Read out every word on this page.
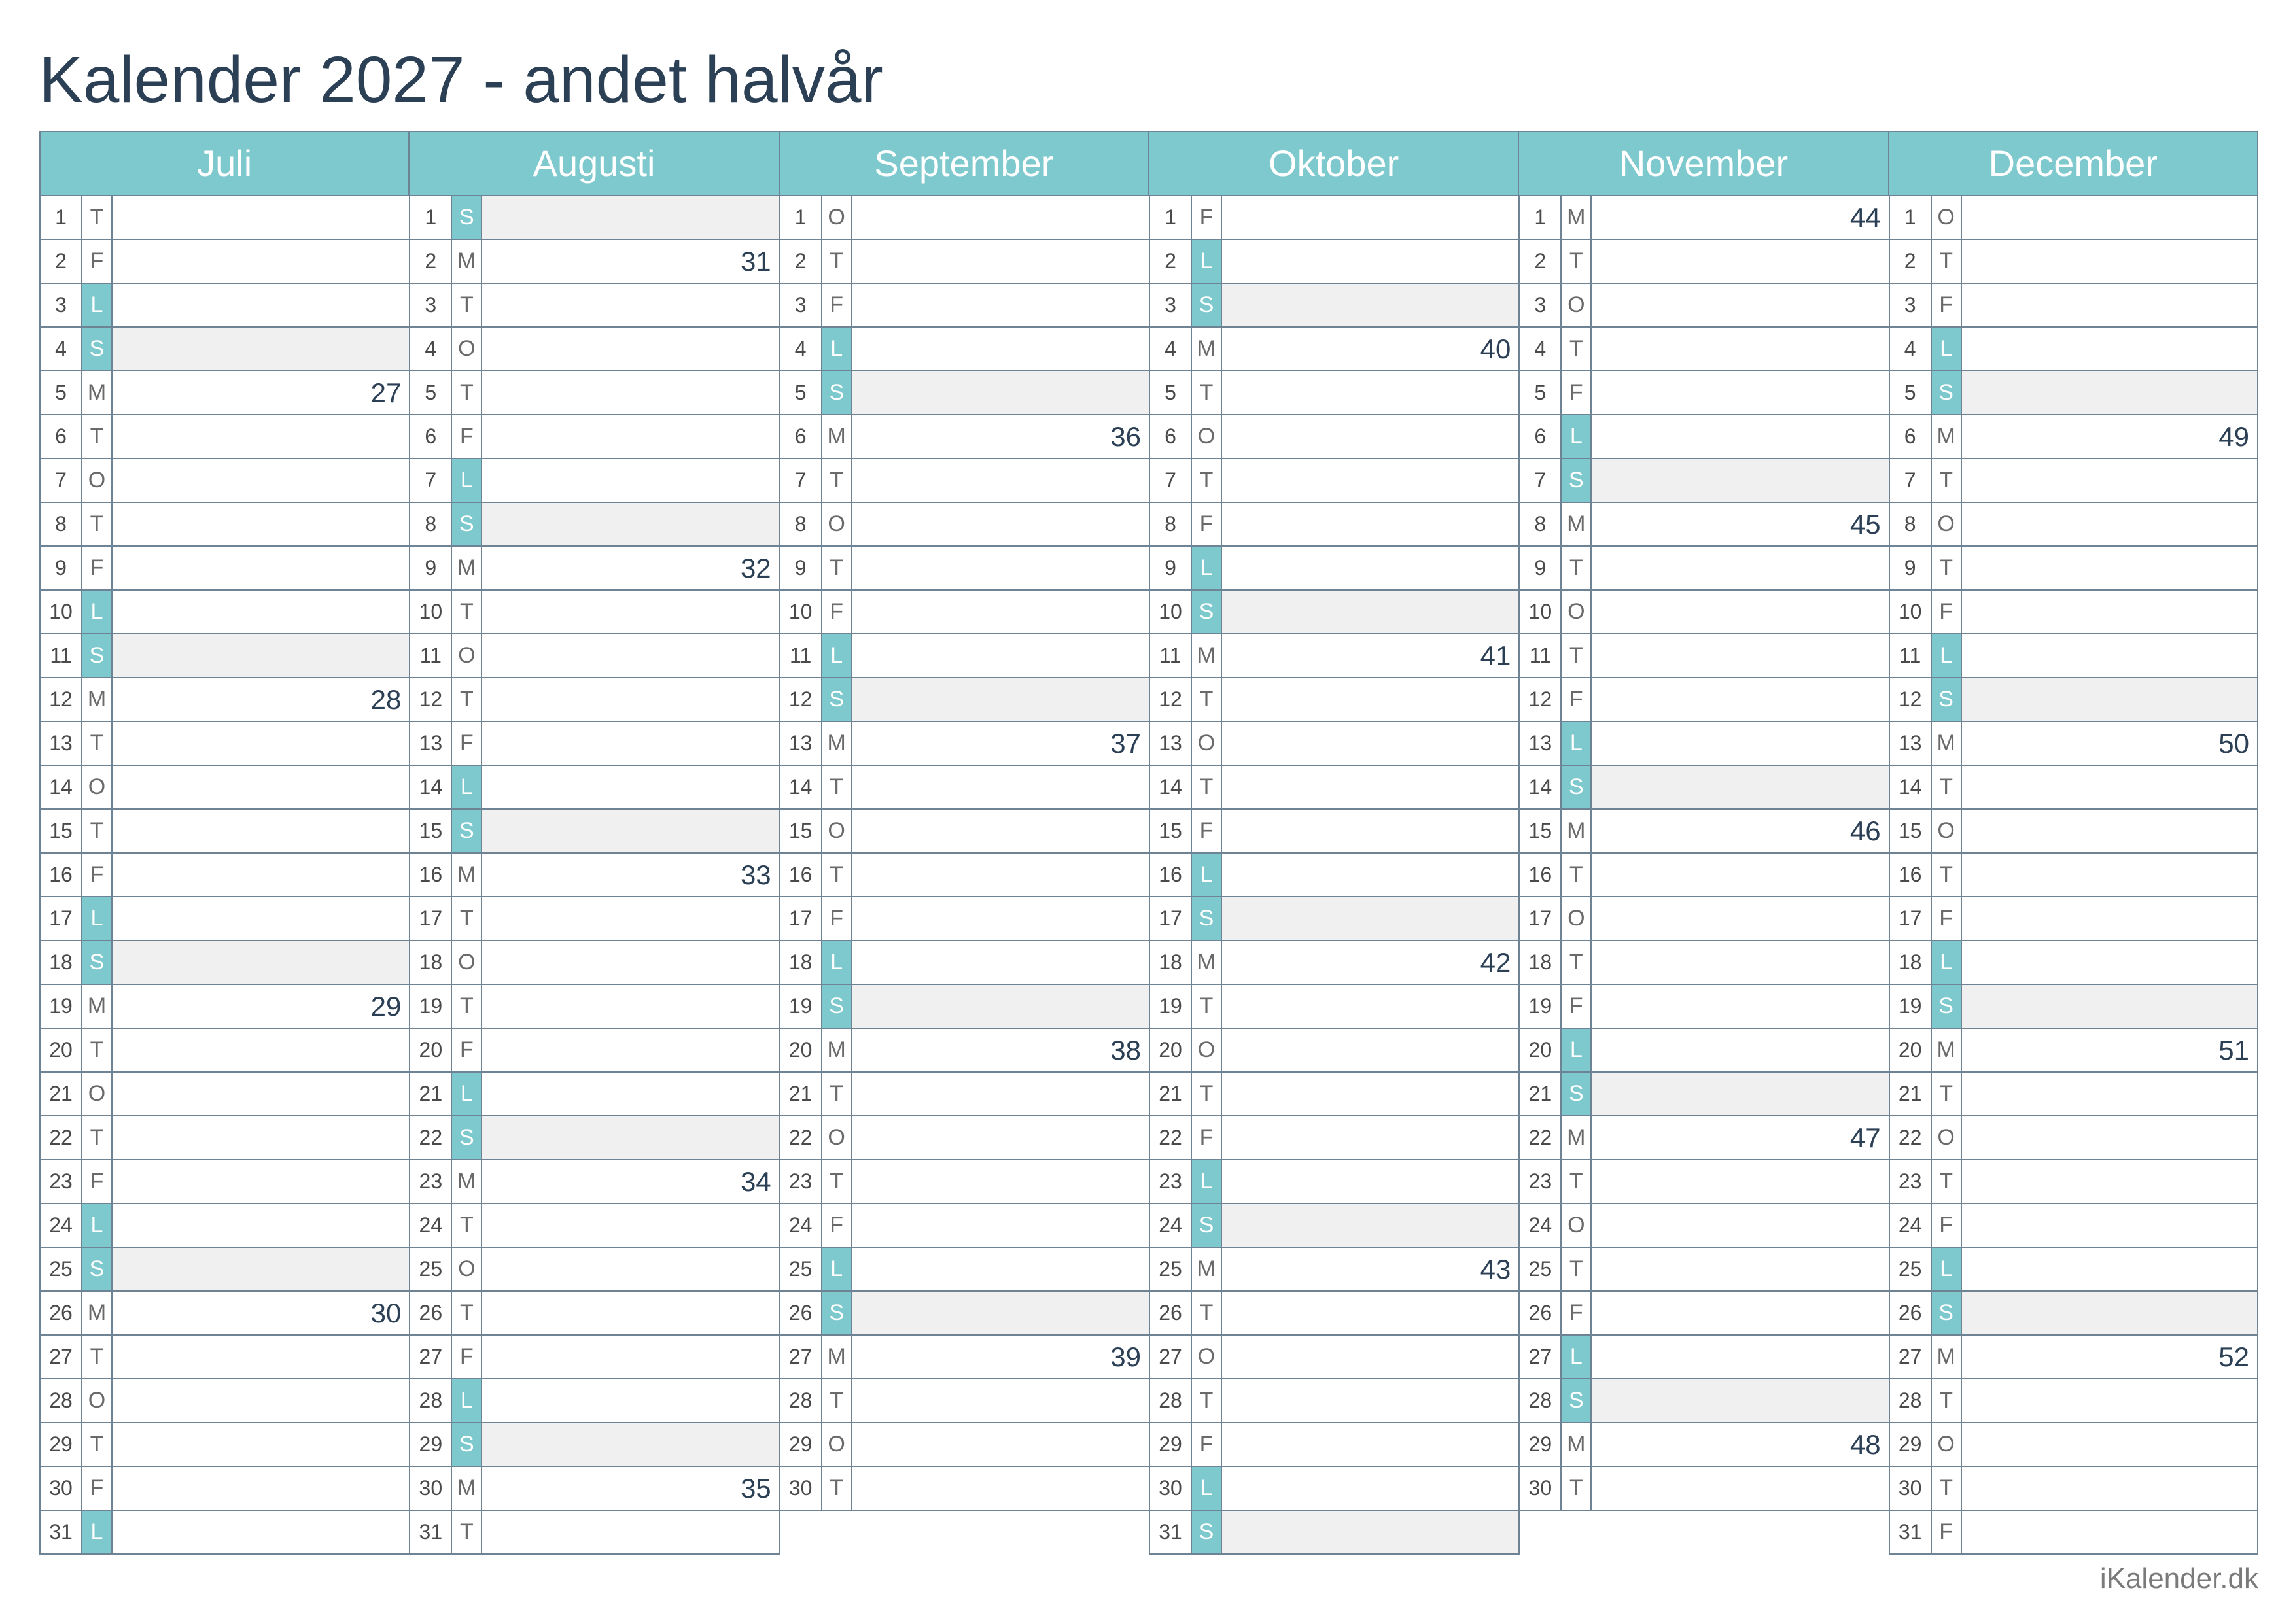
Kalender 2027 - andet halvår
Juli
1	T
2	F
3	L
4	S
5 M	27
6	T
7 O
8	T
9	F
10 L
11 S
12 M	28
13 T
14 O
15 T
16 F
17 L
18 S
19 M	29
20 T
21 O
22 T
23 F
24 L
25 S
26 M	30
27 T
28 O
29 T
30 F
31 L
Augusti
1	S
2 M	31
3	T
4 O
5	T
6	F
7	L
8	S
9 M	32
10 T
11 O
12 T
13 F
14 L
15 S
16 M	33
17 T
18 O
19 T
20 F
21 L
22 S
23 M	34
24 T
25 O
26 T
27 F
28 L
29 S
30 M	35
31 T
September
1 O
2	T
3	F
4	L
5	S
6 M	36
7	T
8 O
9	T
10 F
11 L
12 S
13 M	37
14 T
15 O
16 T
17 F
18 L
19 S
20 M	38
21 T
22 O
23 T
24 F
25 L
26 S
27 M	39
28 T
29 O
30 T
Oktober
1	F
2	L
3	S
4 M	40
5	T
6 O
7	T
8	F
9	L
10 S
11 M	41
12 T
13 O
14 T
15 F
16 L
17 S
18 M	42
19 T
20 O
21 T
22 F
23 L
24 S
25 M	43
26 T
27 O
28 T
29 F
30 L
31 S
November
1 M	44
2	T
3 O
4	T
5	F
6	L
7	S
8 M	45
9	T
10 O
11 T
12 F
13 L
14 S
15 M	46
16 T
17 O
18 T
19 F
20 L
21 S
22 M	47
23 T
24 O
25 T
26 F
27 L
28 S
29 M	48
30 T
December
1 O
2	T
3	F
4	L
5	S
6 M	49
7	T
8 O
9	T
10 F
11 L
12 S
13 M	50
14 T
15 O
16 T
17 F
18 L
19 S
20 M	51
21 T
22 O
23 T
24 F
25 L
26 S
27 M	52
28 T
29 O
30 T
31 F
iKalender.dk
